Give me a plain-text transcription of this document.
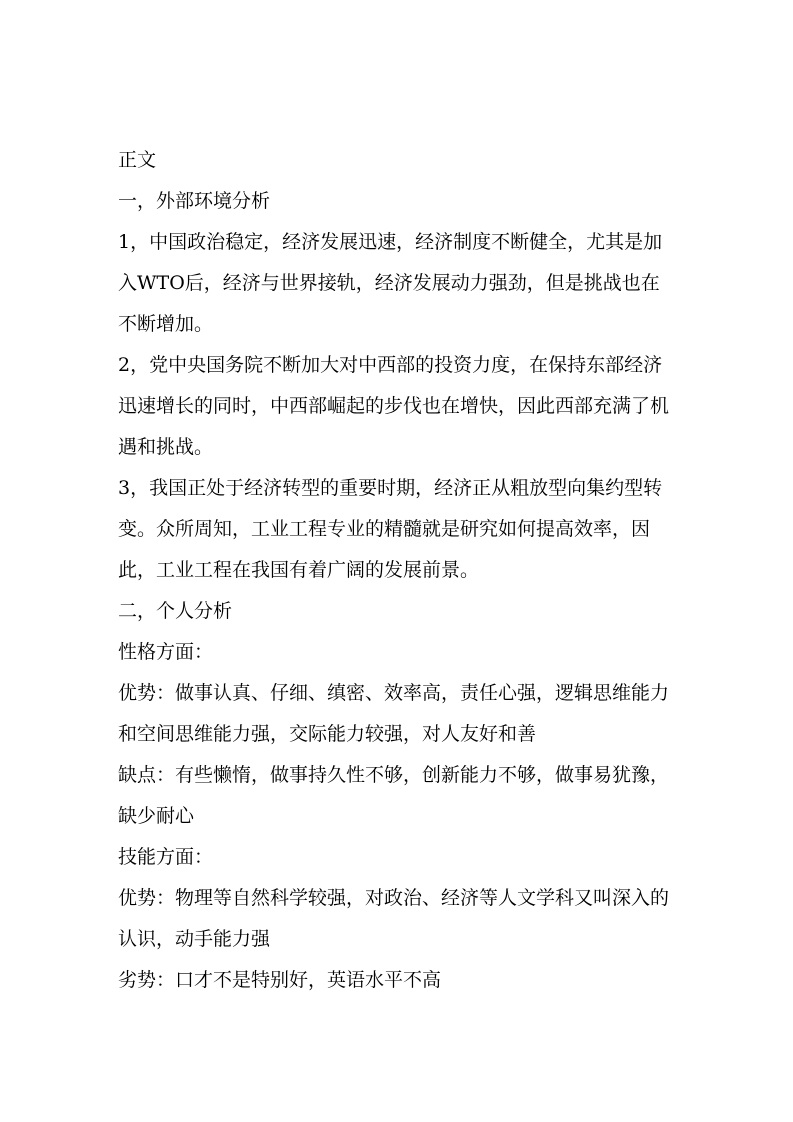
正文

一，外部环境分析

1，中国政治稳定，经济发展迅速，经济制度不断健全，尤其是加入WTO后，经济与世界接轨，经济发展动力强劲，但是挑战也在不断增加。

2，党中央国务院不断加大对中西部的投资力度，在保持东部经济迅速增长的同时，中西部崛起的步伐也在增快，因此西部充满了机遇和挑战。

3，我国正处于经济转型的重要时期，经济正从粗放型向集约型转变。众所周知，工业工程专业的精髓就是研究如何提高效率，因此，工业工程在我国有着广阔的发展前景。

二，个人分析

性格方面：

优势：做事认真、仔细、缜密、效率高，责任心强，逻辑思维能力和空间思维能力强，交际能力较强，对人友好和善

缺点：有些懒惰，做事持久性不够，创新能力不够，做事易犹豫，缺少耐心

技能方面：

优势：物理等自然科学较强，对政治、经济等人文学科又叫深入的认识，动手能力强

劣势：口才不是特别好，英语水平不高
